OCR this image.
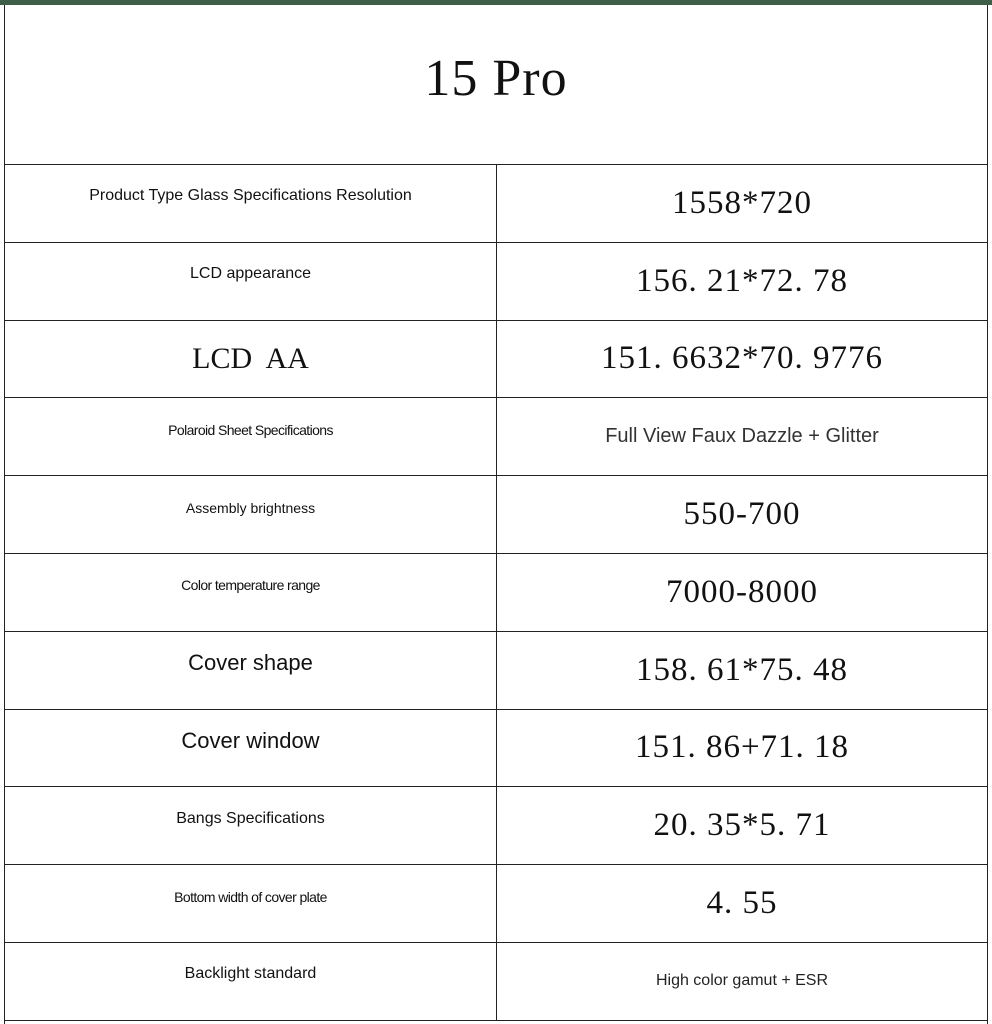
15 Pro
Product Type Glass Specifications Resolution	1558*720
LCD appearance	156. 21*72. 78
LCD  AA	151. 6632*70. 9776
Polaroid Sheet Specifications	Full View Faux Dazzle + Glitter
Assembly brightness	550-700
Color temperature range	7000-8000
Cover shape	158. 61*75. 48
Cover window	151. 86+71. 18
Bangs Specifications	20. 35*5. 71
Bottom width of cover plate	4. 55
Backlight standard	High color gamut + ESR
